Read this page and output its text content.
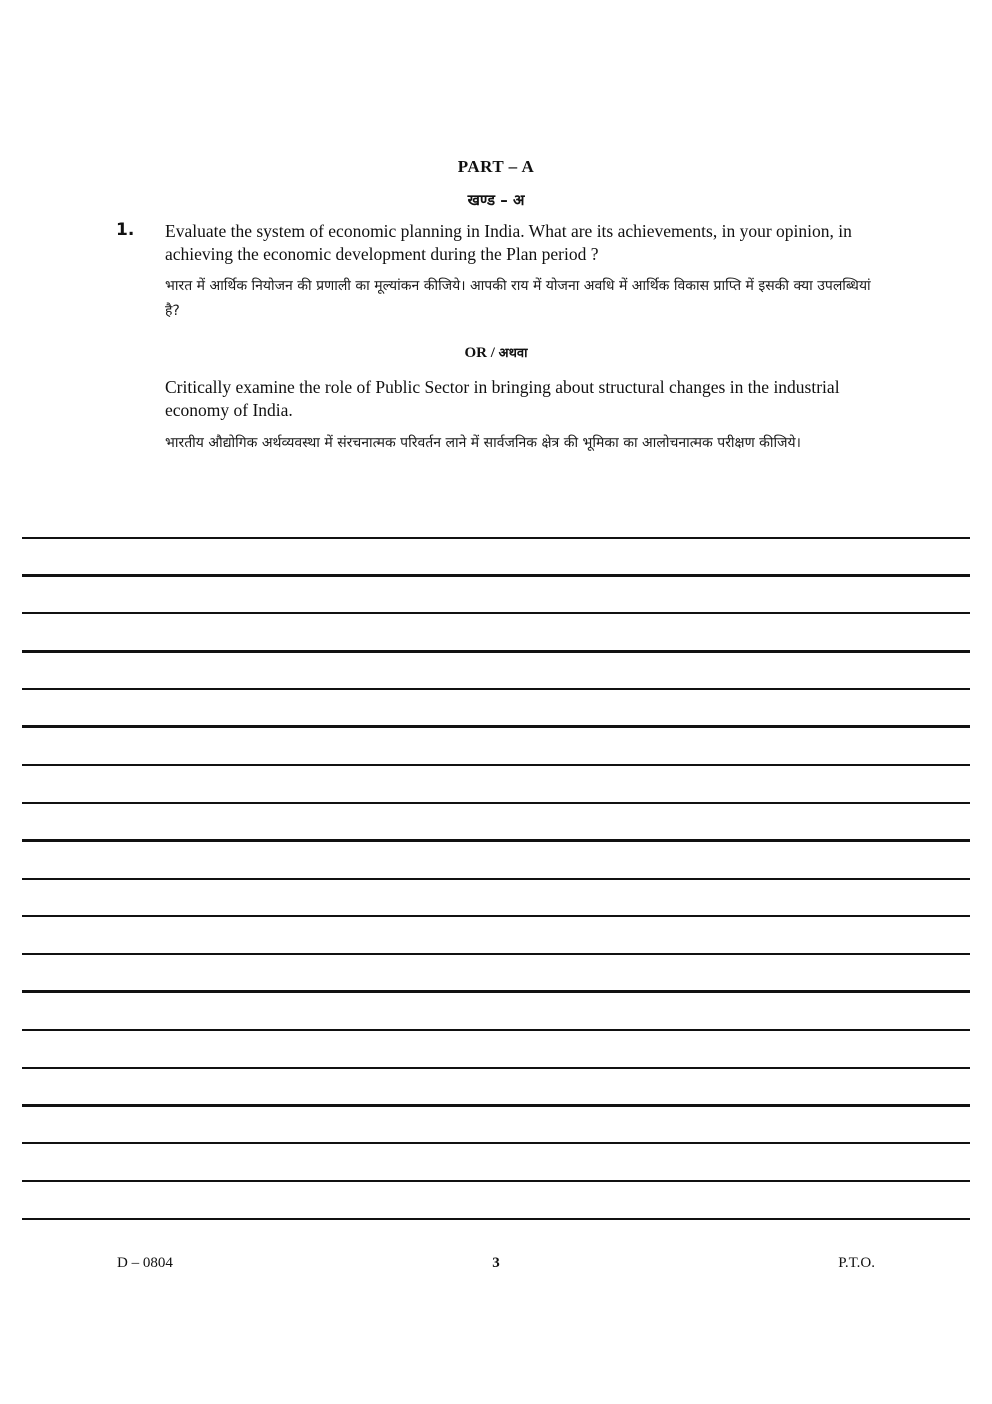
PART – A
खण्ड – अ
1. Evaluate the system of economic planning in India. What are its achievements, in your opinion, in achieving the economic development during the Plan period ?

भारत में आर्थिक नियोजन की प्रणाली का मूल्यांकन कीजिये। आपकी राय में योजना अवधि में आर्थिक विकास प्राप्ति में इसकी क्या उपलब्धियां है?

OR / अथवा

Critically examine the role of Public Sector in bringing about structural changes in the industrial economy of India.

भारतीय औद्योगिक अर्थव्यवस्था में संरचनात्मक परिवर्तन लाने में सार्वजनिक क्षेत्र की भूमिका का आलोचनात्मक परीक्षण कीजिये।

D – 0804	3	P.T.O.
